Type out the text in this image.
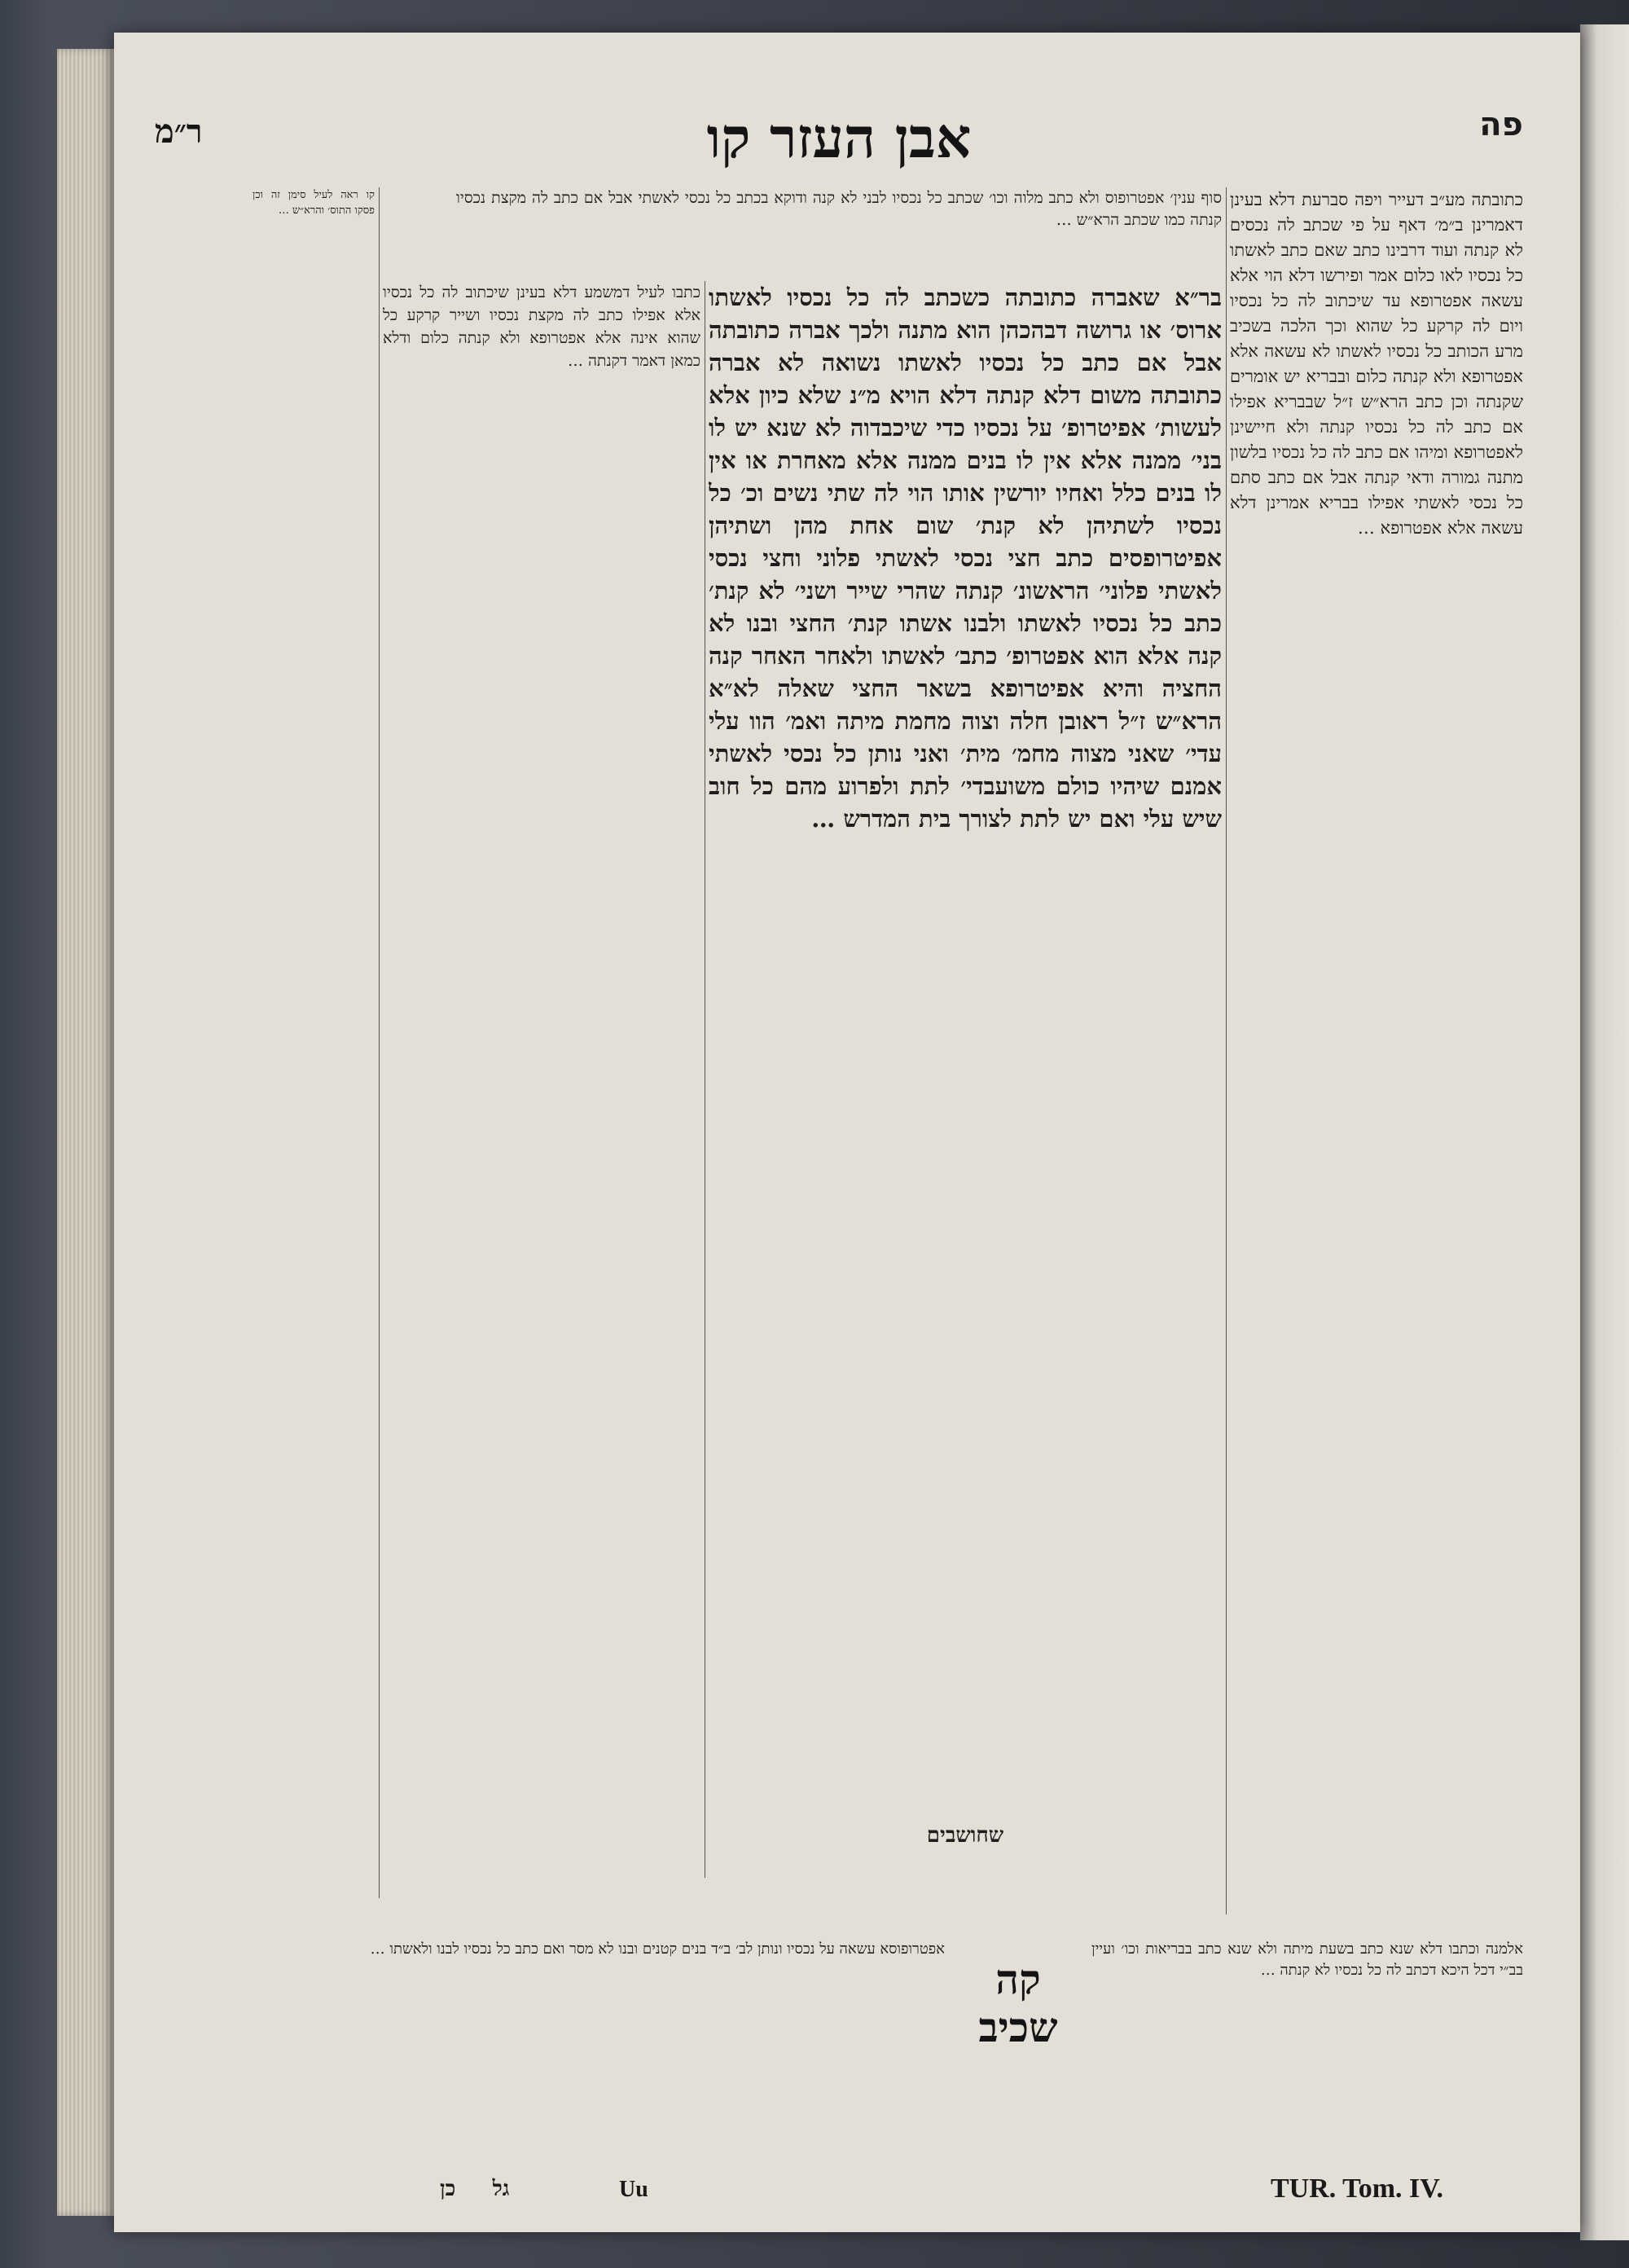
פה
אבן העזר קו
ר״מ

כתובתה מע״ב דעייר ויפה סברעת דלא בעינן דאמרינן ב״מ׳ דאף על פי שכתב לה נכסים לא קנתה ועוד דרבינו כתב שאם כתב לאשתו כל נכסיו לאו כלום אמר ופירשו דלא הוי אלא עשאה אפטרופא עד שיכתוב לה כל נכסיו ויום לה קרקע כל שהוא וכך הלכה בשכיב מרע הכותב כל נכסיו לאשתו לא עשאה אלא אפטרופא ולא קנתה כלום ובבריא יש אומרים שקנתה וכן כתב הרא״ש ז״ל שבבריא אפילו אם כתב לה כל נכסיו קנתה ולא חיישינן לאפטרופא ומיהו אם כתב לה כל נכסיו בלשון מתנה גמורה ודאי קנתה אבל אם כתב סתם כל נכסי לאשתי אפילו בבריא אמרינן דלא עשאה אלא אפטרופא …

סוף ענין׳ אפטרופוס ולא כתב מלוה וכו׳ שכתב כל נכסיו לבני לא קנה ודוקא בכתב כל נכסי לאשתי אבל אם כתב לה מקצת נכסיו קנתה כמו שכתב הרא״ש …

בר״א שאברה כתובתה כשכתב לה כל נכסיו לאשתו ארוס׳ או גרושה דבהכהן הוא מתנה ולכך אברה כתובתה אבל אם כתב כל נכסיו לאשתו נשואה לא אברה כתובתה משום דלא קנתה דלא הויא מ״נ שלא כיון אלא לעשות׳ אפיטרופ׳ על נכסיו כדי שיכבדוה לא שנא יש לו בני׳ ממנה אלא אין לו בנים ממנה אלא מאחרת או אין לו בנים כלל ואחיו יורשין אותו הוי לה שתי נשים וכ׳ כל נכסיו לשתיהן לא קנת׳ שום אחת מהן ושתיהן אפיטרופסים כתב חצי נכסי לאשתי פלוני וחצי נכסי לאשתי פלוני׳ הראשונ׳ קנתה שהרי שייר ושני׳ לא קנת׳ כתב כל נכסיו לאשתו ולבנו אשתו קנת׳ החצי ובנו לא קנה אלא הוא אפטרופ׳ כתב׳ לאשתו ולאחר האחר קנה החציה והיא אפיטרופא בשאר החצי שאלה לא״א הרא״ש ז״ל ראובן חלה וצוה מחמת מיתה ואמ׳ הוו עלי עדי׳ שאני מצוה מחמ׳ מית׳ ואני נותן כל נכסי לאשתי אמנם שיהיו כולם משועבדי׳ לתת ולפרוע מהם כל חוב שיש עלי ואם יש לתת לצורך בית המדרש …

שחושבים

כתבו לעיל דמשמע דלא בעינן שיכתוב לה כל נכסיו אלא אפילו כתב לה מקצת נכסיו ושייר קרקע כל שהוא אינה אלא אפטרופא ולא קנתה כלום ודלא כמאן דאמר דקנתה …

קו ראה לעיל סימן זה וכן פסקו התוס׳ והרא״ש …

קה שכיב

אלמנה וכתבו דלא שנא כתב בשעת מיתה ולא שנא כתב בבריאות וכו׳ ועיין בב״י דכל היכא דכתב לה כל נכסיו לא קנתה …

אפטרופוסא עשאה על נכסיו ונותן לב׳ ב״ד בנים קטנים ובנו לא מסר ואם כתב כל נכסיו לבנו ולאשתו …

TUR. Tom. IV.
Uu
גל     כן
